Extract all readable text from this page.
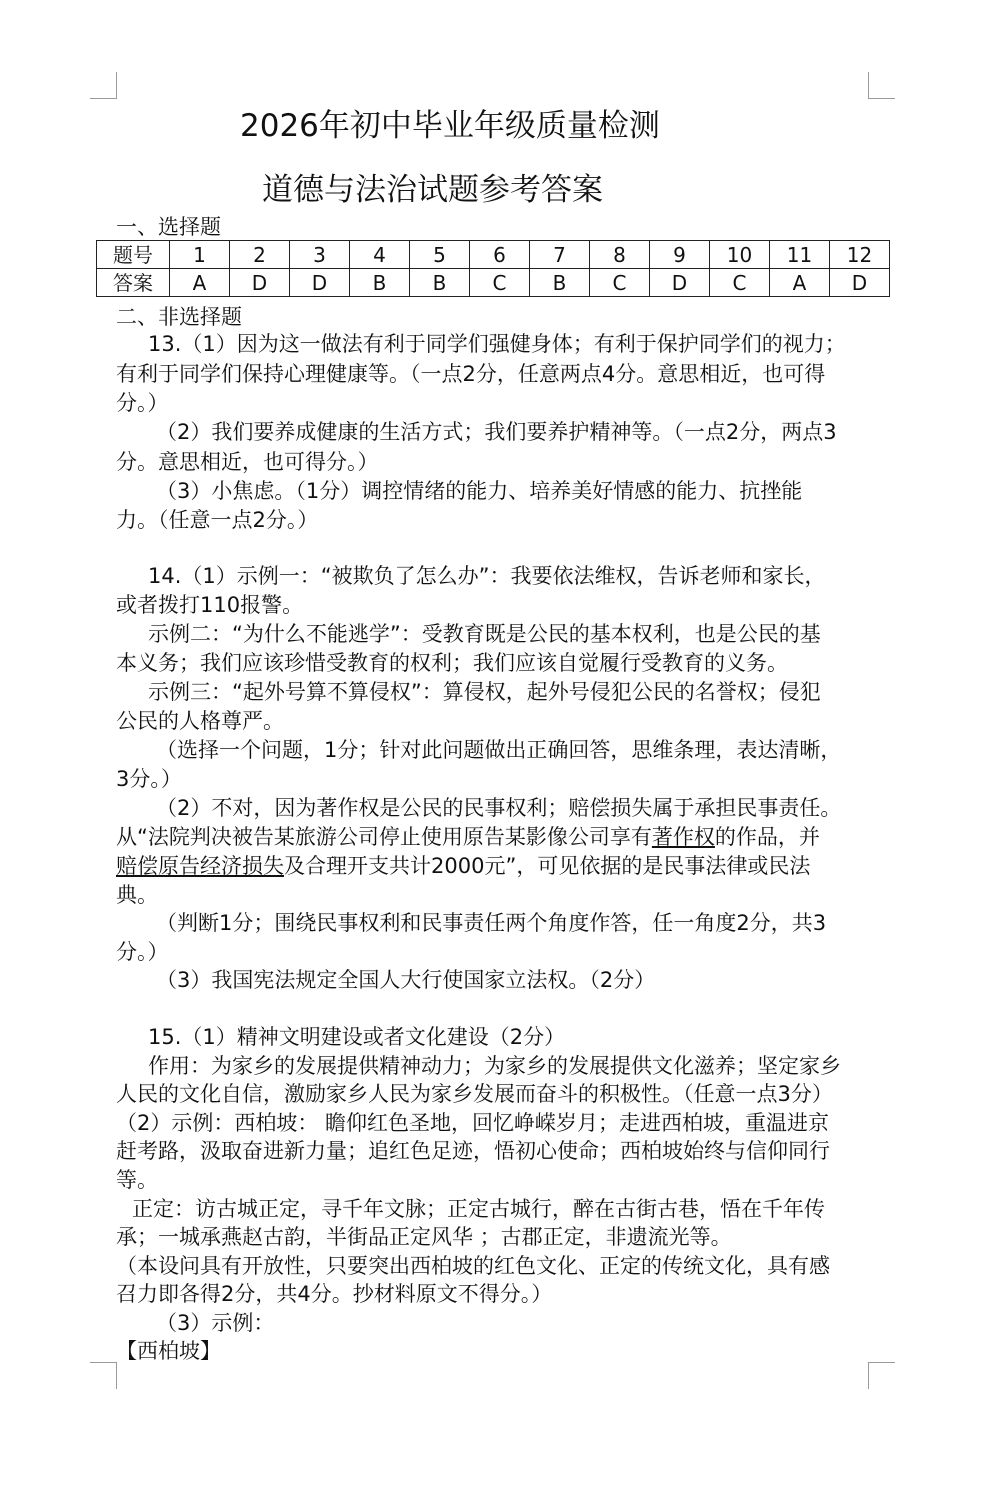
2026年初中毕业年级质量检测
道德与法治试题参考答案
一、选择题
题号	1	2	3	4	5	6	7	8	9	10	11	12
答案	A	D	D	B	B	C	B	C	D	C	A	D
二、非选择题
13.（1）因为这一做法有利于同学们强健身体；有利于保护同学们的视力；
有利于同学们保持心理健康等。（一点2分，任意两点4分。意思相近，也可得
分。）
（2）我们要养成健康的生活方式；我们要养护精神等。（一点2分，两点3
分。意思相近，也可得分。）
（3）小焦虑。（1分）调控情绪的能力、培养美好情感的能力、抗挫能
力。（任意一点2分。）
14.（1）示例一：“被欺负了怎么办”：我要依法维权，告诉老师和家长，
或者拨打110报警。
示例二：“为什么不能逃学”：受教育既是公民的基本权利，也是公民的基
本义务；我们应该珍惜受教育的权利；我们应该自觉履行受教育的义务。
示例三：“起外号算不算侵权”：算侵权，起外号侵犯公民的名誉权；侵犯
公民的人格尊严。
（选择一个问题，1分；针对此问题做出正确回答，思维条理，表达清晰，
3分。）
（2）不对，因为著作权是公民的民事权利；赔偿损失属于承担民事责任。
从“法院判决被告某旅游公司停止使用原告某影像公司享有著作权的作品，并
赔偿原告经济损失及合理开支共计2000元”，可见依据的是民事法律或民法
典。
（判断1分；围绕民事权利和民事责任两个角度作答，任一角度2分，共3
分。）
（3）我国宪法规定全国人大行使国家立法权。（2分）
15.（1）精神文明建设或者文化建设（2分）
作用：为家乡的发展提供精神动力；为家乡的发展提供文化滋养；坚定家乡
人民的文化自信，激励家乡人民为家乡发展而奋斗的积极性。（任意一点3分）
（2）示例：西柏坡： 瞻仰红色圣地，回忆峥嵘岁月；走进西柏坡，重温进京
赶考路，汲取奋进新力量；追红色足迹，悟初心使命；西柏坡始终与信仰同行
等。
正定：访古城正定，寻千年文脉；正定古城行，醉在古街古巷，悟在千年传
承；一城承燕赵古韵，半街品正定风华 ；古郡正定，非遗流光等。
（本设问具有开放性，只要突出西柏坡的红色文化、正定的传统文化，具有感
召力即各得2分，共4分。抄材料原文不得分。）
（3）示例：
【西柏坡】
